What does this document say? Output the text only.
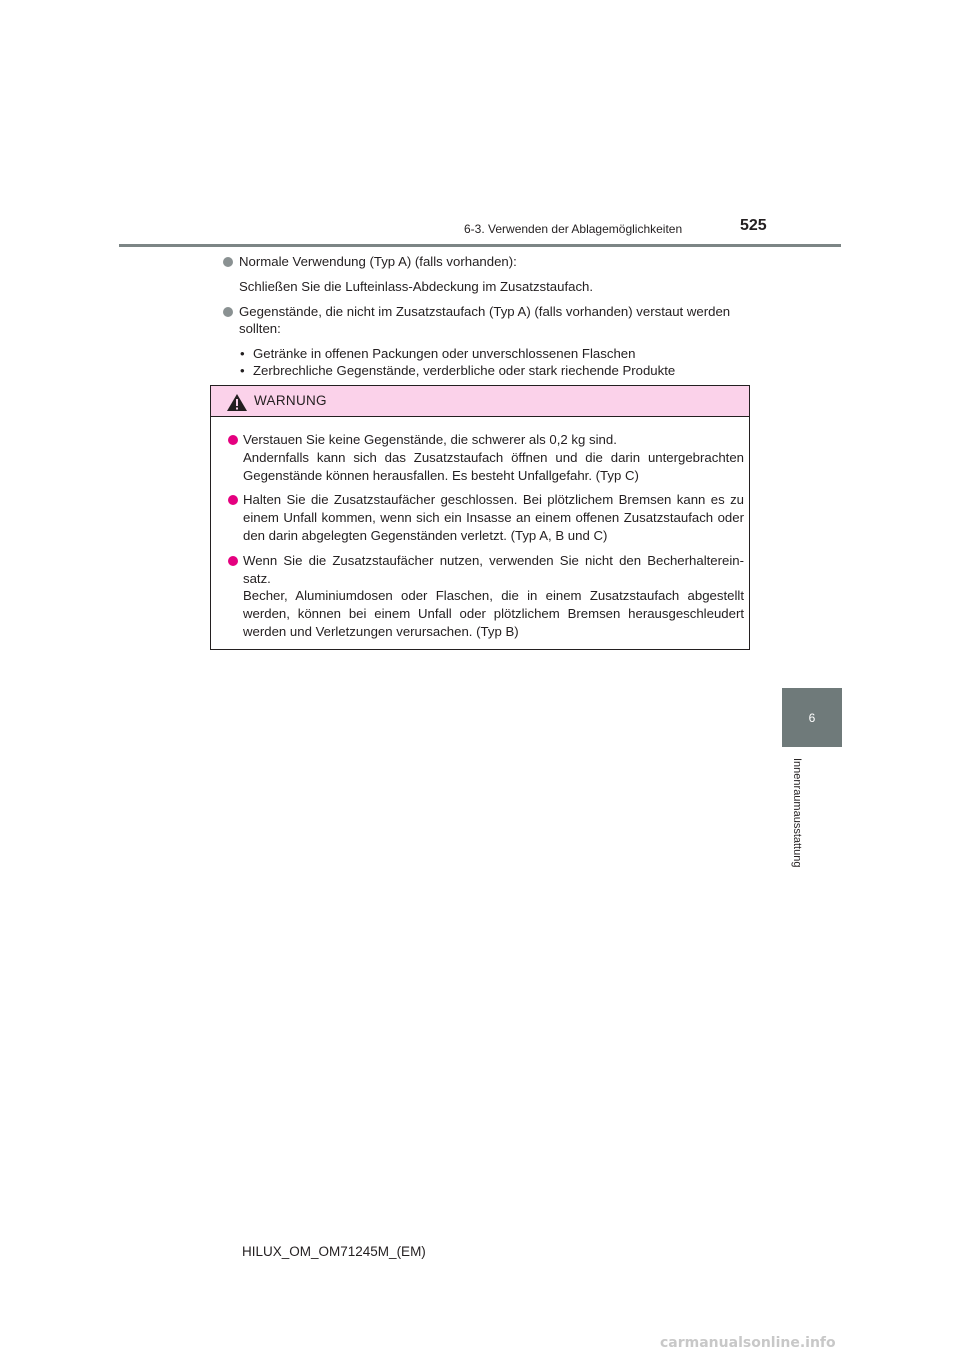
6-3. Verwenden der Ablagemöglichkeiten	525
6
Innenraumausstattung
Normale Verwendung (Typ A) (falls vorhanden):
Schließen Sie die Lufteinlass-Abdeckung im Zusatzstaufach.
Gegenstände, die nicht im Zusatzstaufach (Typ A) (falls vorhanden) verstaut werden sollten:
• Getränke in offenen Packungen oder unverschlossenen Flaschen
• Zerbrechliche Gegenstände, verderbliche oder stark riechende Produkte
WARNUNG

Verstauen Sie keine Gegenstände, die schwerer als 0,2 kg sind.

Andernfalls kann sich das Zusatzstaufach öffnen und die darin untergebrachten Gegenstände können herausfallen. Es besteht Unfallgefahr. (Typ C)

Halten Sie die Zusatzstaufächer geschlossen. Bei plötzlichem Bremsen kann es zu einem Unfall kommen, wenn sich ein Insasse an einem offenen Zusatzstaufach oder den darin abgelegten Gegenständen verletzt. (Typ A, B und C)

Wenn Sie die Zusatzstaufächer nutzen, verwenden Sie nicht den Becherhalterein-satz.

Becher, Aluminiumdosen oder Flaschen, die in einem Zusatzstaufach abgestellt werden, können bei einem Unfall oder plötzlichem Bremsen herausgeschleudert werden und Verletzungen verursachen. (Typ B)

HILUX_OM_OM71245M_(EM)
carmanualsonline.info
